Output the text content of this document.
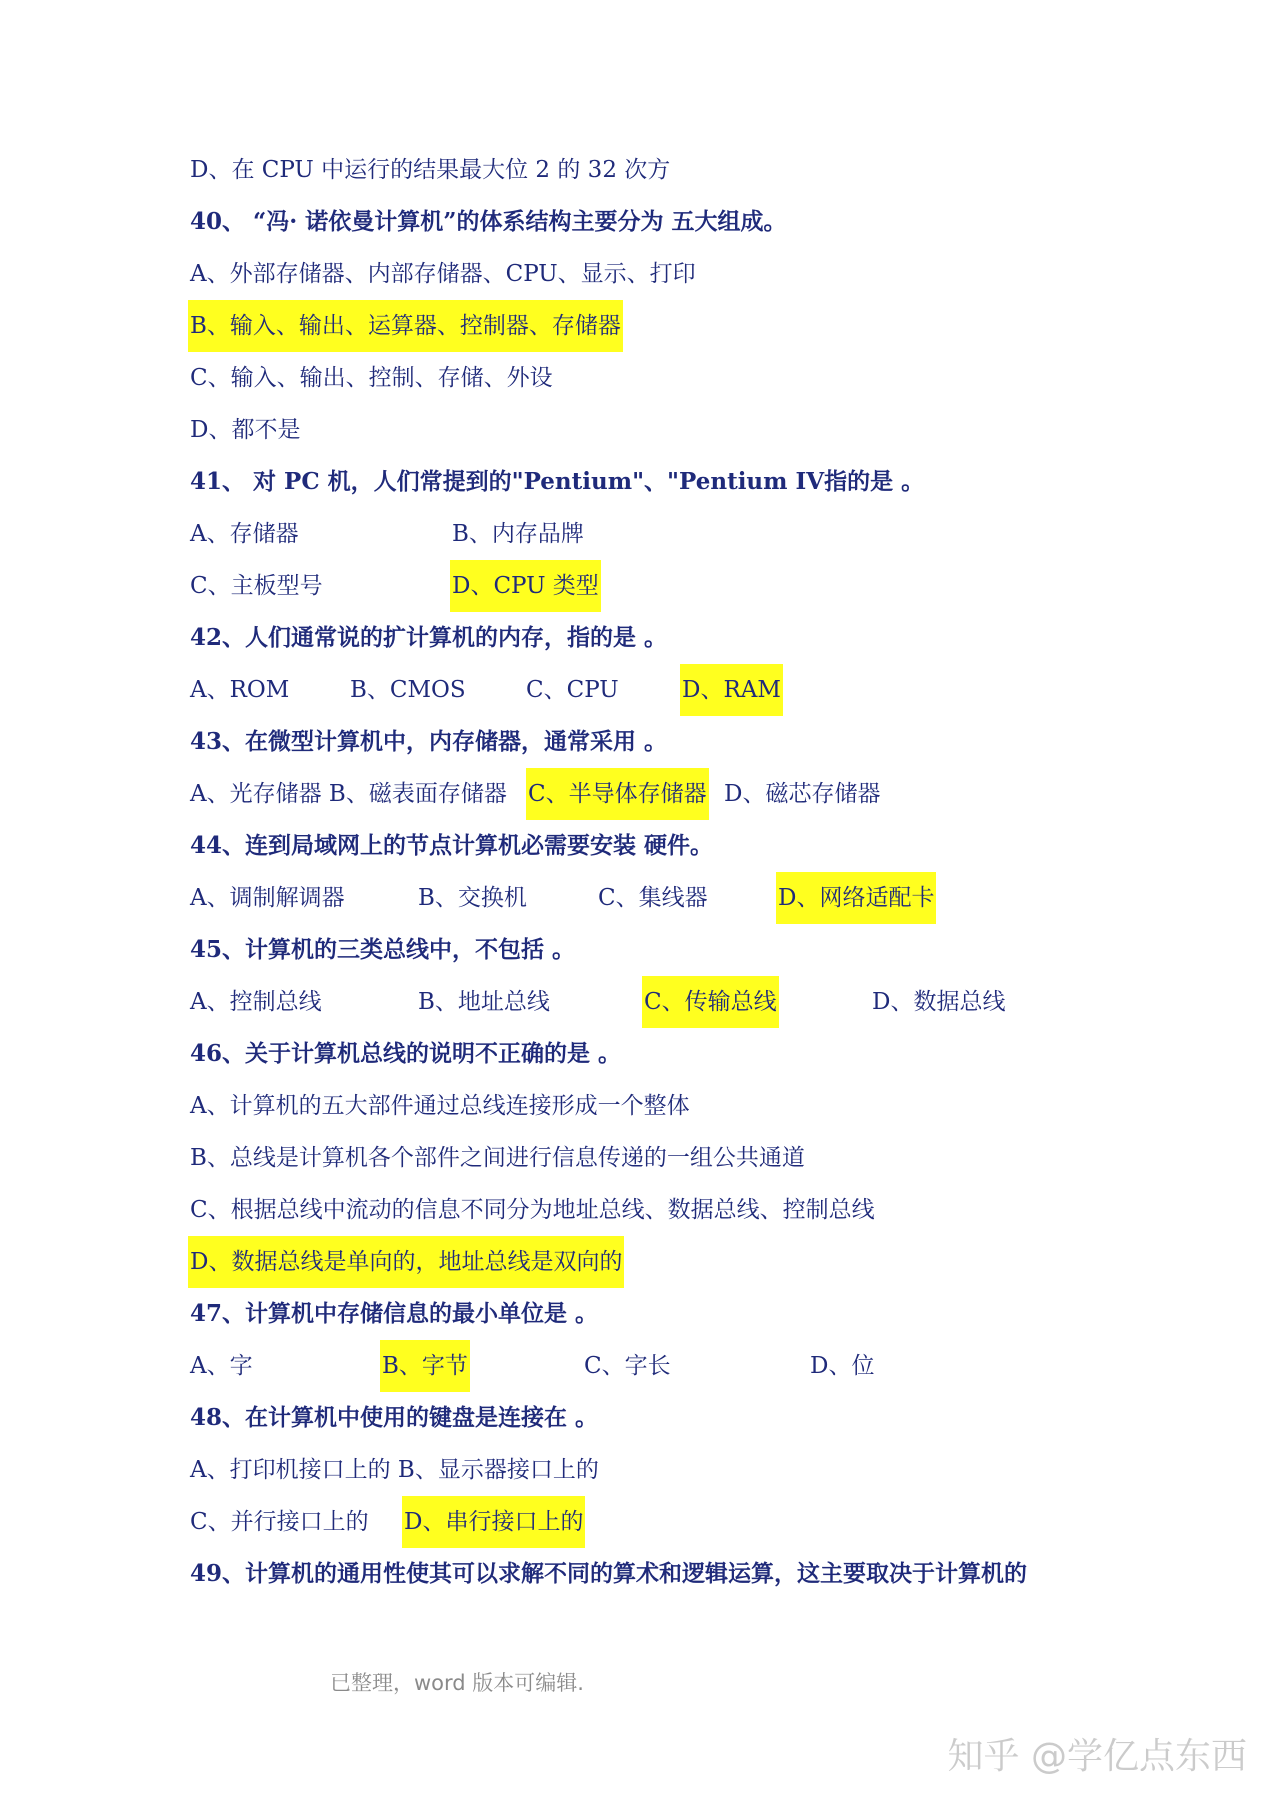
D、在 CPU 中运行的结果最大位 2 的 32 次方
40、 “冯· 诺依曼计算机”的体系结构主要分为 五大组成。
A、外部存储器、内部存储器、CPU、显示、打印
B、输入、输出、运算器、控制器、存储器
C、输入、输出、控制、存储、外设
D、都不是
41、 对 PC 机，人们常提到的"Pentium"、"Pentium IV指的是 。
A、存储器	B、内存品牌
C、主板型号	D、CPU 类型
42、人们通常说的扩计算机的内存，指的是 。
A、ROM	B、CMOS	C、CPU	D、RAM
43、在微型计算机中，内存储器，通常采用 。
A、光存储器 B、磁表面存储器 C、半导体存储器 D、磁芯存储器
44、连到局域网上的节点计算机必需要安装 硬件。
A、调制解调器	B、交换机	C、集线器	D、网络适配卡
45、计算机的三类总线中，不包括 。
A、控制总线	B、地址总线	C、传输总线	D、数据总线
46、关于计算机总线的说明不正确的是 。
A、计算机的五大部件通过总线连接形成一个整体
B、总线是计算机各个部件之间进行信息传递的一组公共通道
C、根据总线中流动的信息不同分为地址总线、数据总线、控制总线
D、数据总线是单向的，地址总线是双向的
47、计算机中存储信息的最小单位是 。
A、字	B、字节	C、字长	D、位
48、在计算机中使用的键盘是连接在 。
A、打印机接口上的 B、显示器接口上的
C、并行接口上的 D、串行接口上的
49、计算机的通用性使其可以求解不同的算术和逻辑运算，这主要取决于计算机的
已整理，word 版本可编辑.
知乎 @学亿点东西
